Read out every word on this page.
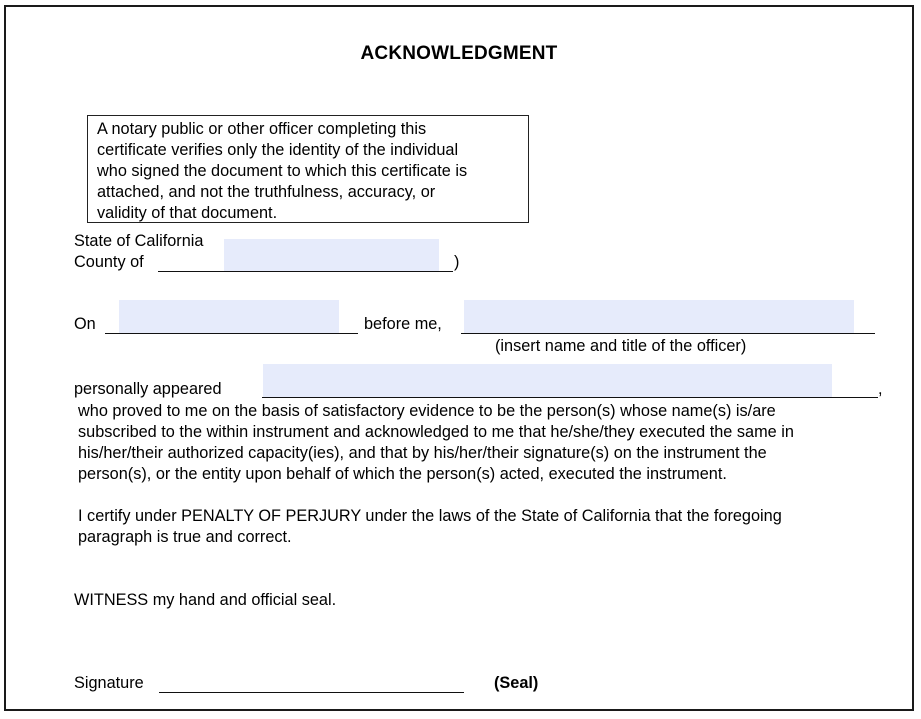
ACKNOWLEDGMENT
A notary public or other officer completing this
certificate verifies only the identity of the individual
who signed the document to which this certificate is
attached, and not the truthfulness, accuracy, or
validity of that document.
State of California
County of	)
On	before me,
(insert name and title of the officer)
personally appeared	,
who proved to me on the basis of satisfactory evidence to be the person(s) whose name(s) is/are
subscribed to the within instrument and acknowledged to me that he/she/they executed the same in
his/her/their authorized capacity(ies), and that by his/her/their signature(s) on the instrument the
person(s), or the entity upon behalf of which the person(s) acted, executed the instrument.
I certify under PENALTY OF PERJURY under the laws of the State of California that the foregoing
paragraph is true and correct.
WITNESS my hand and official seal.
Signature	(Seal)
